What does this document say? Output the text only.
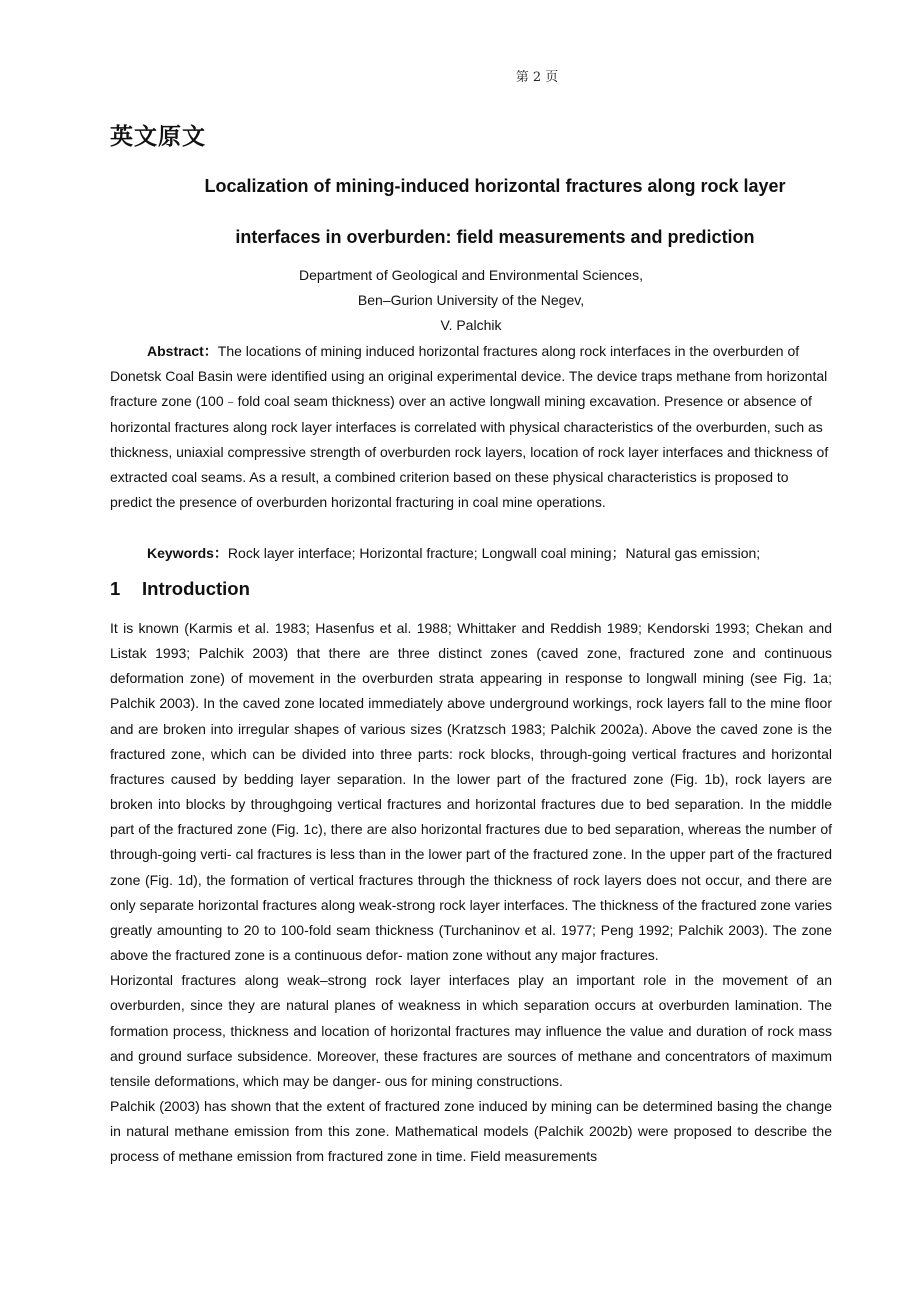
第 2 页
英文原文
Localization of mining-induced horizontal fractures along rock layer
interfaces in overburden: field measurements and prediction
Department of Geological and Environmental Sciences,
Ben–Gurion University of the Negev,
V. Palchik

Abstract：The locations of mining induced horizontal fractures along rock interfaces in the overburden of Donetsk Coal Basin were identified using an original experimental device. The device traps methane from horizontal fracture zone (100﹣fold coal seam thickness) over an active longwall mining excavation. Presence or absence of horizontal fractures along rock layer interfaces is correlated with physical characteristics of the overburden, such as thickness, uniaxial compressive strength of overburden rock layers, location of rock layer interfaces and thickness of extracted coal seams. As a result, a combined criterion based on these physical characteristics is proposed to predict the presence of overburden horizontal fracturing in coal mine operations.

Keywords：Rock layer interface; Horizontal fracture; Longwall coal mining；Natural gas emission;

1 Introduction

It is known (Karmis et al. 1983; Hasenfus et al. 1988; Whittaker and Reddish 1989; Kendorski 1993; Chekan and Listak 1993; Palchik 2003) that there are three distinct zones (caved zone, fractured zone and continuous deformation zone) of movement in the overburden strata appearing in response to longwall mining (see Fig. 1a; Palchik 2003). In the caved zone located immediately above underground workings, rock layers fall to the mine floor and are broken into irregular shapes of various sizes (Kratzsch 1983; Palchik 2002a). Above the caved zone is the fractured zone, which can be divided into three parts: rock blocks, through-going vertical fractures and horizontal fractures caused by bedding layer separation. In the lower part of the fractured zone (Fig. 1b), rock layers are broken into blocks by throughgoing vertical fractures and horizontal fractures due to bed separation. In the middle part of the fractured zone (Fig. 1c), there are also horizontal fractures due to bed separation, whereas the number of through-going verti- cal fractures is less than in the lower part of the fractured zone. In the upper part of the fractured zone (Fig. 1d), the formation of vertical fractures through the thickness of rock layers does not occur, and there are only separate horizontal fractures along weak-strong rock layer interfaces. The thickness of the fractured zone varies greatly amounting to 20 to 100-fold seam thickness (Turchaninov et al. 1977; Peng 1992; Palchik 2003). The zone above the fractured zone is a continuous defor- mation zone without any major fractures.

Horizontal fractures along weak–strong rock layer interfaces play an important role in the movement of an overburden, since they are natural planes of weakness in which separation occurs at overburden lamination. The formation process, thickness and location of horizontal fractures may influence the value and duration of rock mass and ground surface subsidence. Moreover, these fractures are sources of methane and concentrators of maximum tensile deformations, which may be danger- ous for mining constructions.

Palchik (2003) has shown that the extent of fractured zone induced by mining can be determined basing the change in natural methane emission from this zone. Mathematical models (Palchik 2002b) were proposed to describe the process of methane emission from fractured zone in time. Field measurements
